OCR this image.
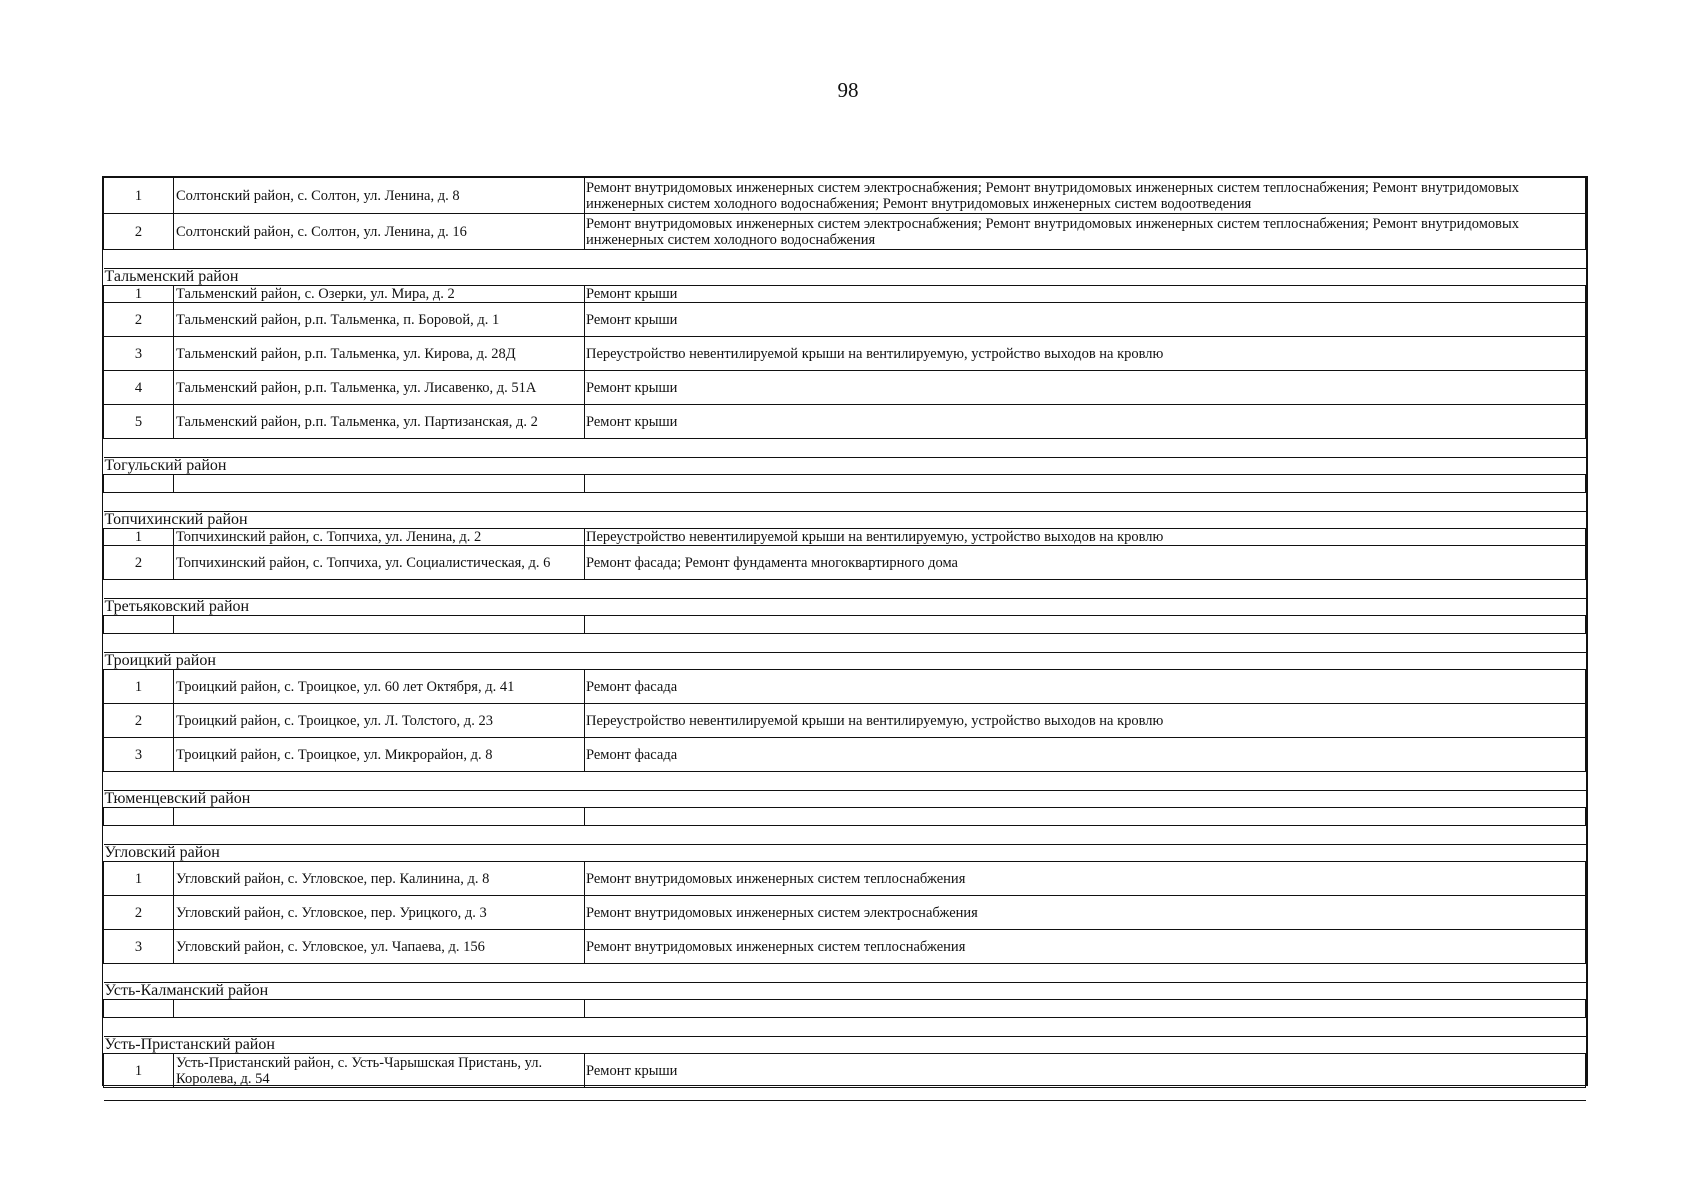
98
1	Солтонский район, с. Солтон, ул. Ленина, д. 8	Ремонт внутридомовых инженерных систем электроснабжения; Ремонт внутридомовых инженерных систем теплоснабжения; Ремонт внутридомовых инженерных систем холодного водоснабжения; Ремонт внутридомовых инженерных систем водоотведения
2	Солтонский район, с. Солтон, ул. Ленина, д. 16	Ремонт внутридомовых инженерных систем электроснабжения; Ремонт внутридомовых инженерных систем теплоснабжения; Ремонт внутридомовых инженерных систем холодного водоснабжения

Тальменский район		
1	Тальменский район, с. Озерки, ул. Мира, д. 2	Ремонт крыши
2	Тальменский район, р.п. Тальменка, п. Боровой, д. 1	Ремонт крыши
3	Тальменский район, р.п. Тальменка, ул. Кирова, д. 28Д	Переустройство невентилируемой крыши на вентилируемую, устройство выходов на кровлю
4	Тальменский район, р.п. Тальменка, ул. Лисавенко, д. 51А	Ремонт крыши
5	Тальменский район, р.п. Тальменка, ул. Партизанская, д. 2	Ремонт крыши

Тогульский район		

Топчихинский район		
1	Топчихинский район, с. Топчиха, ул. Ленина, д. 2	Переустройство невентилируемой крыши на вентилируемую, устройство выходов на кровлю
2	Топчихинский район, с. Топчиха, ул. Социалистическая, д. 6	Ремонт фасада; Ремонт фундамента многоквартирного дома

Третьяковский район		

Троицкий район		
1	Троицкий район, с. Троицкое, ул. 60 лет Октября, д. 41	Ремонт фасада
2	Троицкий район, с. Троицкое, ул. Л. Толстого, д. 23	Переустройство невентилируемой крыши на вентилируемую, устройство выходов на кровлю
3	Троицкий район, с. Троицкое, ул. Микрорайон, д. 8	Ремонт фасада

Тюменцевский район		

Угловский район		
1	Угловский район, с. Угловское, пер. Калинина, д. 8	Ремонт внутридомовых инженерных систем теплоснабжения
2	Угловский район, с. Угловское, пер. Урицкого, д. 3	Ремонт внутридомовых инженерных систем электроснабжения
3	Угловский район, с. Угловское, ул. Чапаева, д. 156	Ремонт внутридомовых инженерных систем теплоснабжения

Усть-Калманский район		

Усть-Пристанский район		
1	Усть-Пристанский район, с. Усть-Чарышская Пристань, ул. Королева, д. 54	Ремонт крыши
